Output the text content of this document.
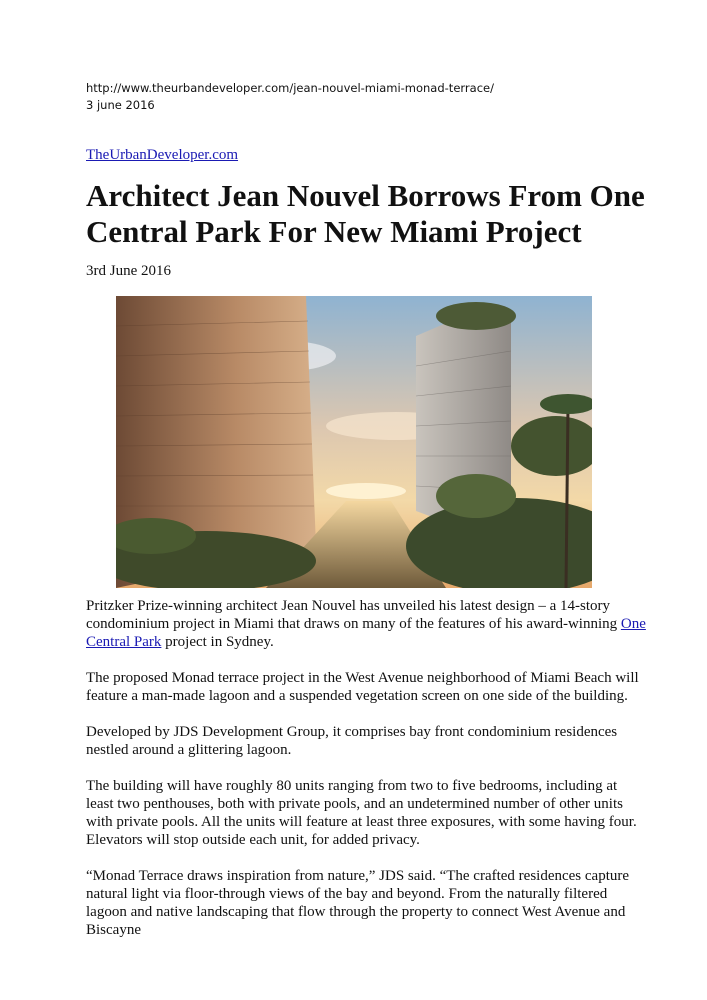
http://www.theurbandeveloper.com/jean-nouvel-miami-monad-terrace/
3 june 2016
TheUrbanDeveloper.com
Architect Jean Nouvel Borrows From One Central Park For New Miami Project
3rd June 2016

Pritzker Prize-winning architect Jean Nouvel has unveiled his latest design – a 14-story condominium project in Miami that draws on many of the features of his award-winning One Central Park project in Sydney.

The proposed Monad terrace project in the West Avenue neighborhood of Miami Beach will feature a man-made lagoon and a suspended vegetation screen on one side of the building.

Developed by JDS Development Group, it comprises bay front condominium residences nestled around a glittering lagoon.

The building will have roughly 80 units ranging from two to five bedrooms, including at least two penthouses, both with private pools, and an undetermined number of other units with private pools. All the units will feature at least three exposures, with some having four. Elevators will stop outside each unit, for added privacy.

“Monad Terrace draws inspiration from nature,” JDS said. “The crafted residences capture natural light via floor-through views of the bay and beyond. From the naturally filtered lagoon and native landscaping that flow through the property to connect West Avenue and Biscayne
